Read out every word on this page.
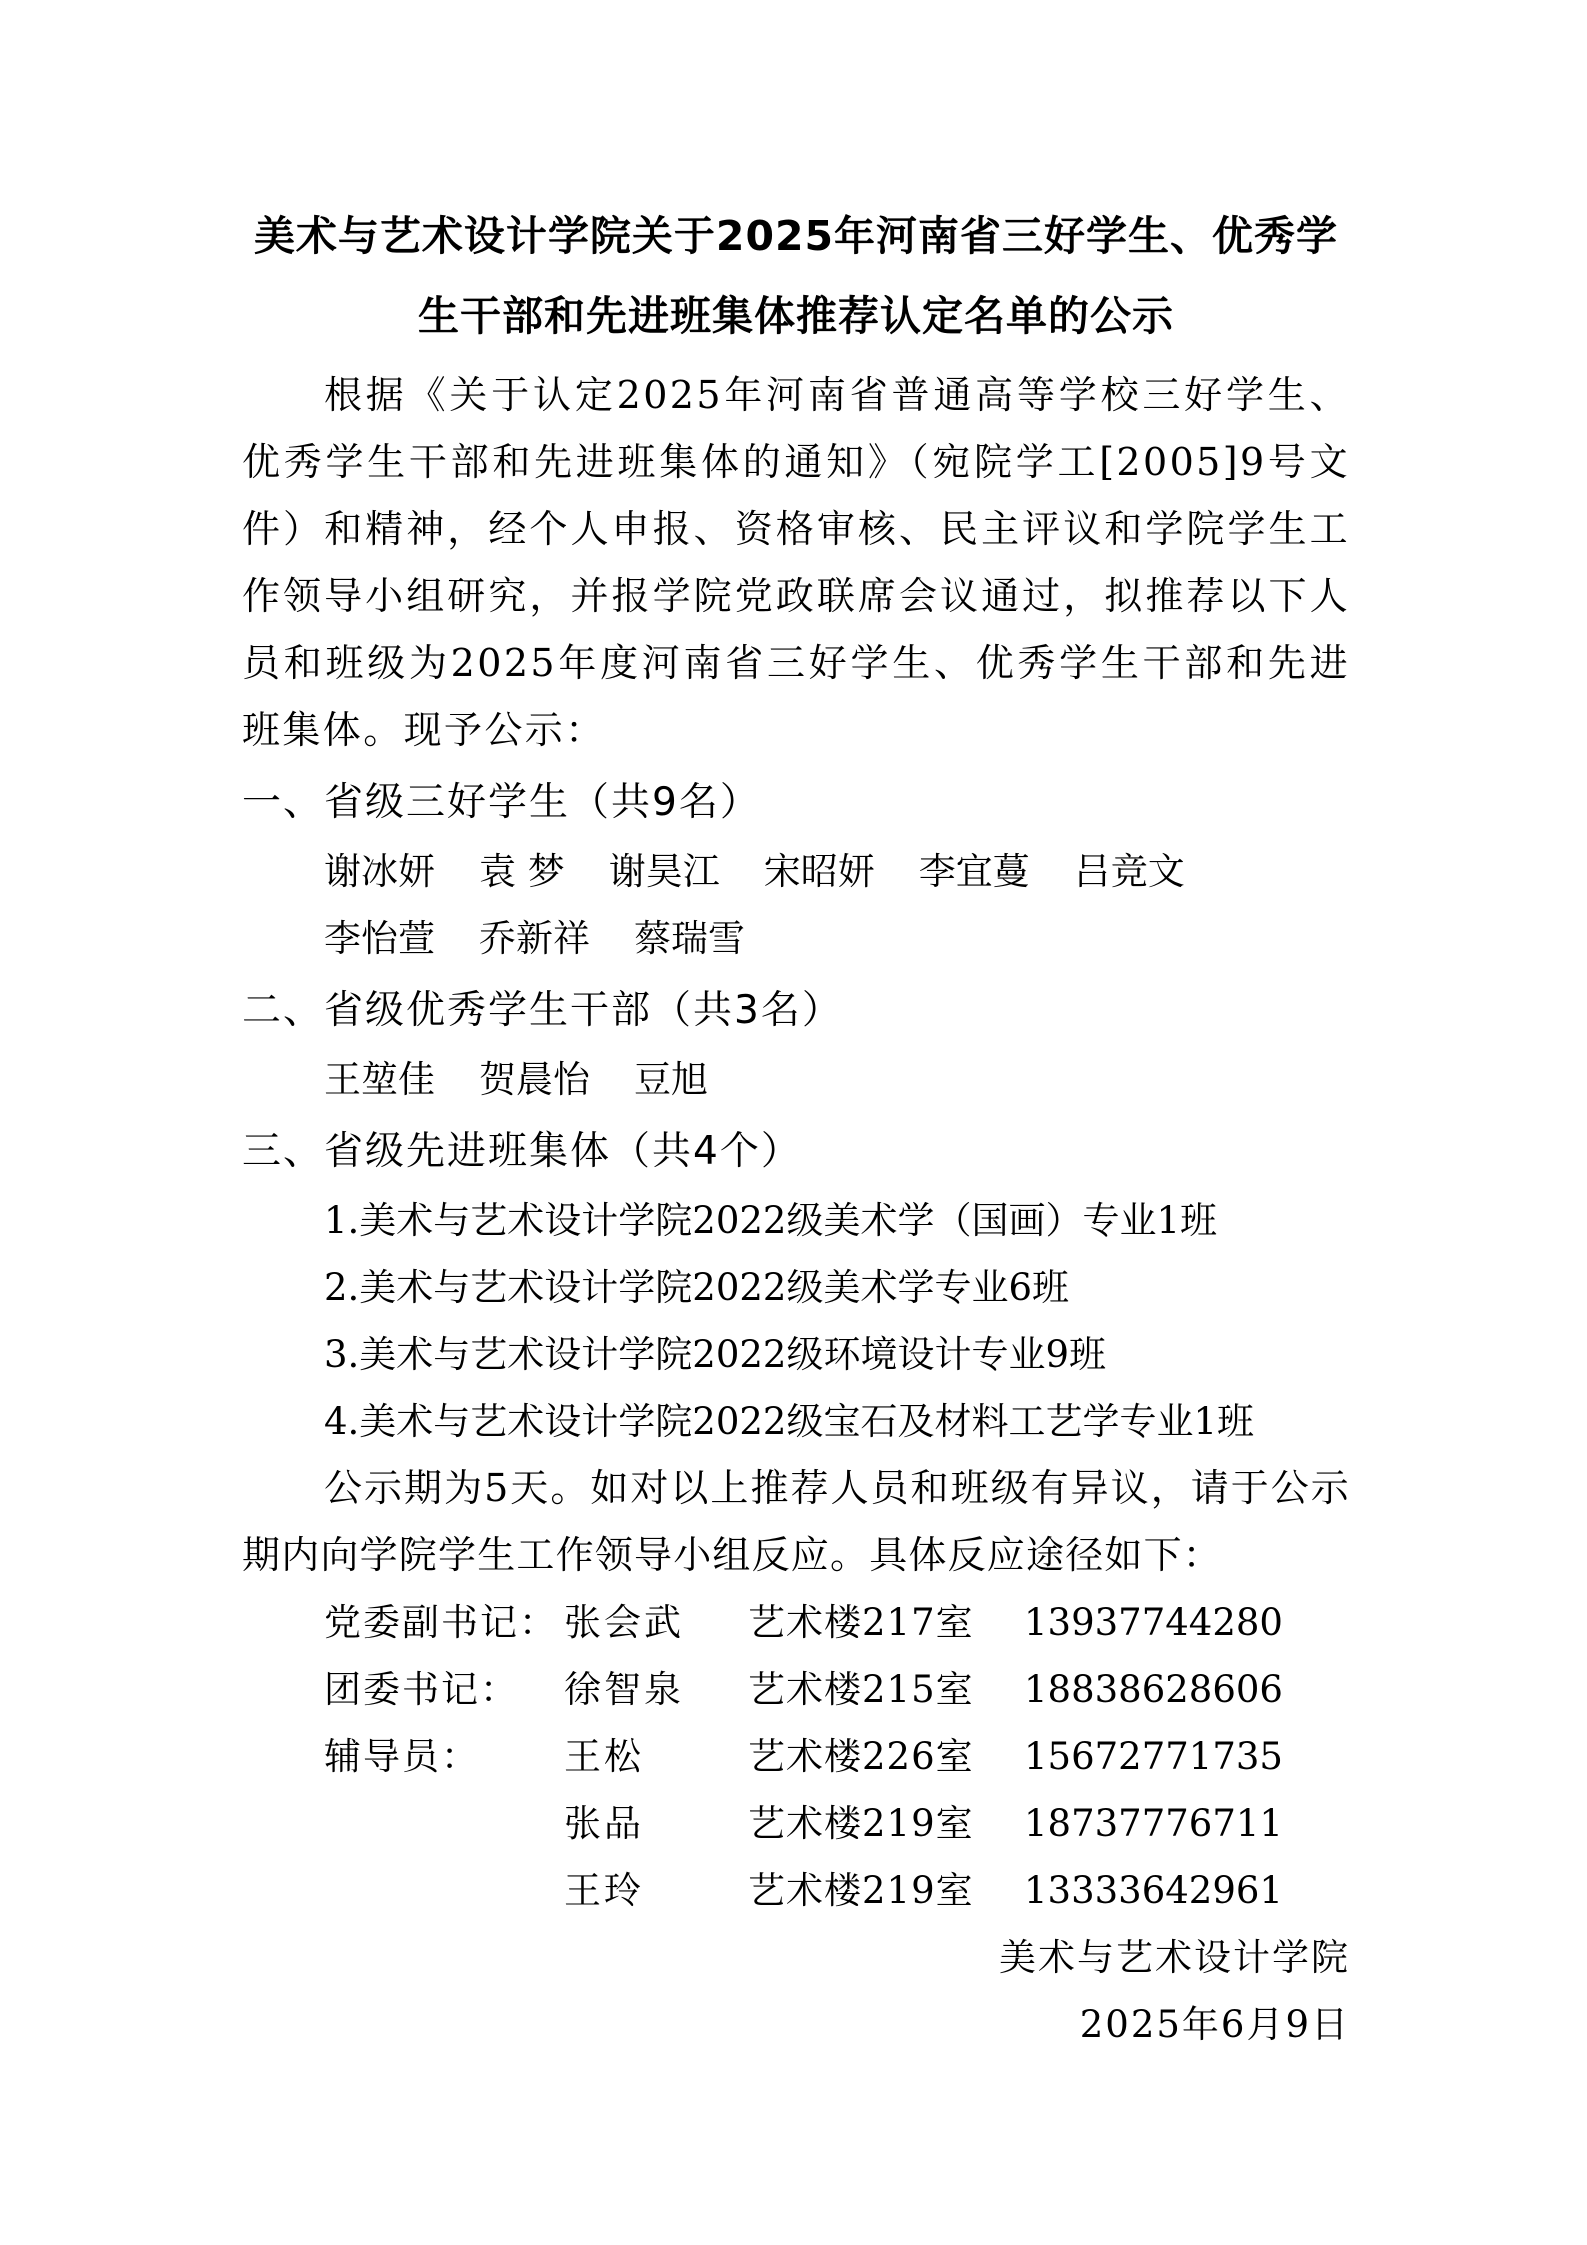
美术与艺术设计学院关于2025年河南省三好学生、优秀学
生干部和先进班集体推荐认定名单的公示
根据《关于认定2025年河南省普通高等学校三好学生、优秀学生干部和先进班集体的通知》（宛院学工[2005]9号文件）和精神，经个人申报、资格审核、民主评议和学院学生工作领导小组研究，并报学院党政联席会议通过，拟推荐以下人员和班级为2025年度河南省三好学生、优秀学生干部和先进班集体。现予公示：
一、省级三好学生（共9名）
谢冰妍 袁 梦 谢昊江 宋昭妍 李宜蔓 吕竞文李怡萱 乔新祥 蔡瑞雪
二、省级优秀学生干部（共3名）
王堃佳 贺晨怡 豆旭
三、省级先进班集体（共4个）
1.美术与艺术设计学院2022级美术学（国画）专业1班
2.美术与艺术设计学院2022级美术学专业6班
3.美术与艺术设计学院2022级环境设计专业9班
4.美术与艺术设计学院2022级宝石及材料工艺学专业1班
公示期为5天。如对以上推荐人员和班级有异议，请于公示期内向学院学生工作领导小组反应。具体反应途径如下：
党委副书记： 张会武 艺术楼217室 13937744280
团委书记： 徐智泉 艺术楼215室 18838628606
辅导员： 王松	艺术楼226室 15672771735
张品	艺术楼219室 18737776711
王玲	艺术楼219室 13333642961
美术与艺术设计学院
2025年6月9日
